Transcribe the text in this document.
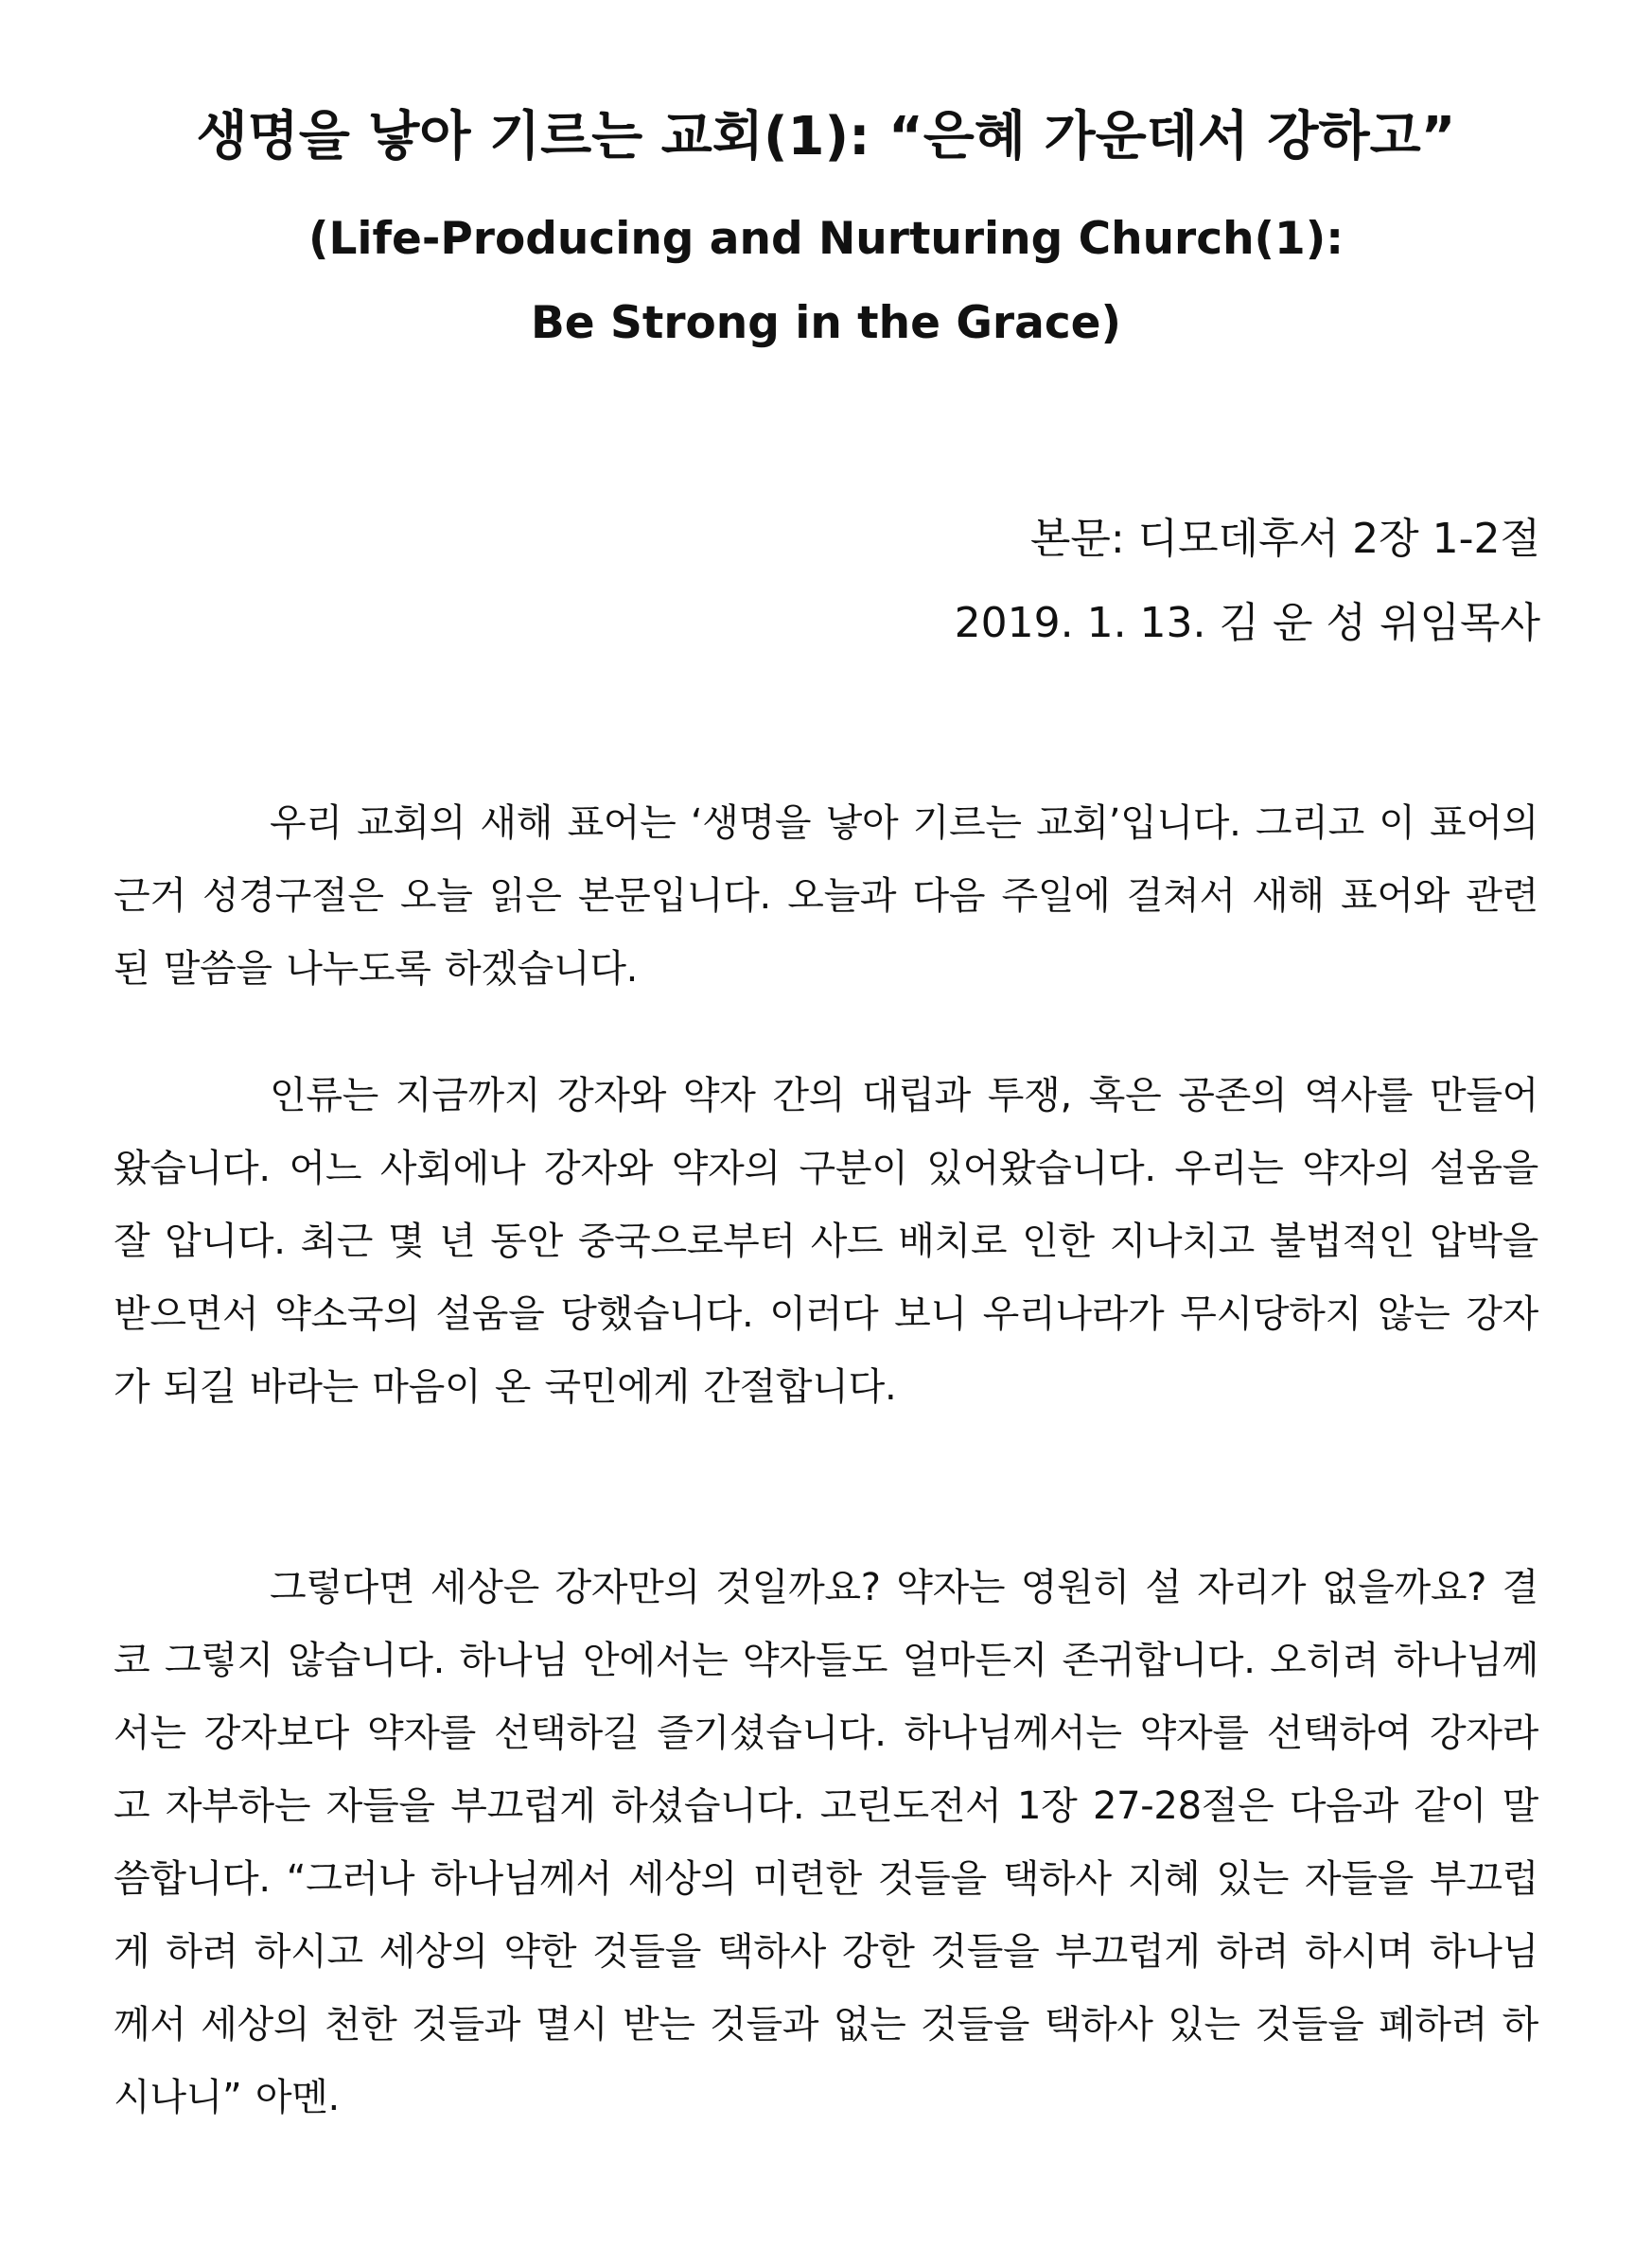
생명을 낳아 기르는 교회(1): “은혜 가운데서 강하고”
(Life-Producing and Nurturing Church(1):
Be Strong in the Grace)
본문: 디모데후서 2장 1-2절
2019. 1. 13. 김 운 성 위임목사

우리 교회의 새해 표어는 ‘생명을 낳아 기르는 교회’입니다. 그리고 이 표어의 근거 성경구절은 오늘 읽은 본문입니다. 오늘과 다음 주일에 걸쳐서 새해 표어와 관련된 말씀을 나누도록 하겠습니다.

인류는 지금까지 강자와 약자 간의 대립과 투쟁, 혹은 공존의 역사를 만들어 왔습니다. 어느 사회에나 강자와 약자의 구분이 있어왔습니다. 우리는 약자의 설움을 잘 압니다. 최근 몇 년 동안 중국으로부터 사드 배치로 인한 지나치고 불법적인 압박을 받으면서 약소국의 설움을 당했습니다. 이러다 보니 우리나라가 무시당하지 않는 강자가 되길 바라는 마음이 온 국민에게 간절합니다.

그렇다면 세상은 강자만의 것일까요? 약자는 영원히 설 자리가 없을까요? 결코 그렇지 않습니다. 하나님 안에서는 약자들도 얼마든지 존귀합니다. 오히려 하나님께서는 강자보다 약자를 선택하길 즐기셨습니다. 하나님께서는 약자를 선택하여 강자라고 자부하는 자들을 부끄럽게 하셨습니다. 고린도전서 1장 27-28절은 다음과 같이 말씀합니다. “그러나 하나님께서 세상의 미련한 것들을 택하사 지혜 있는 자들을 부끄럽게 하려 하시고 세상의 약한 것들을 택하사 강한 것들을 부끄럽게 하려 하시며 하나님께서 세상의 천한 것들과 멸시 받는 것들과 없는 것들을 택하사 있는 것들을 폐하려 하시나니” 아멘.
